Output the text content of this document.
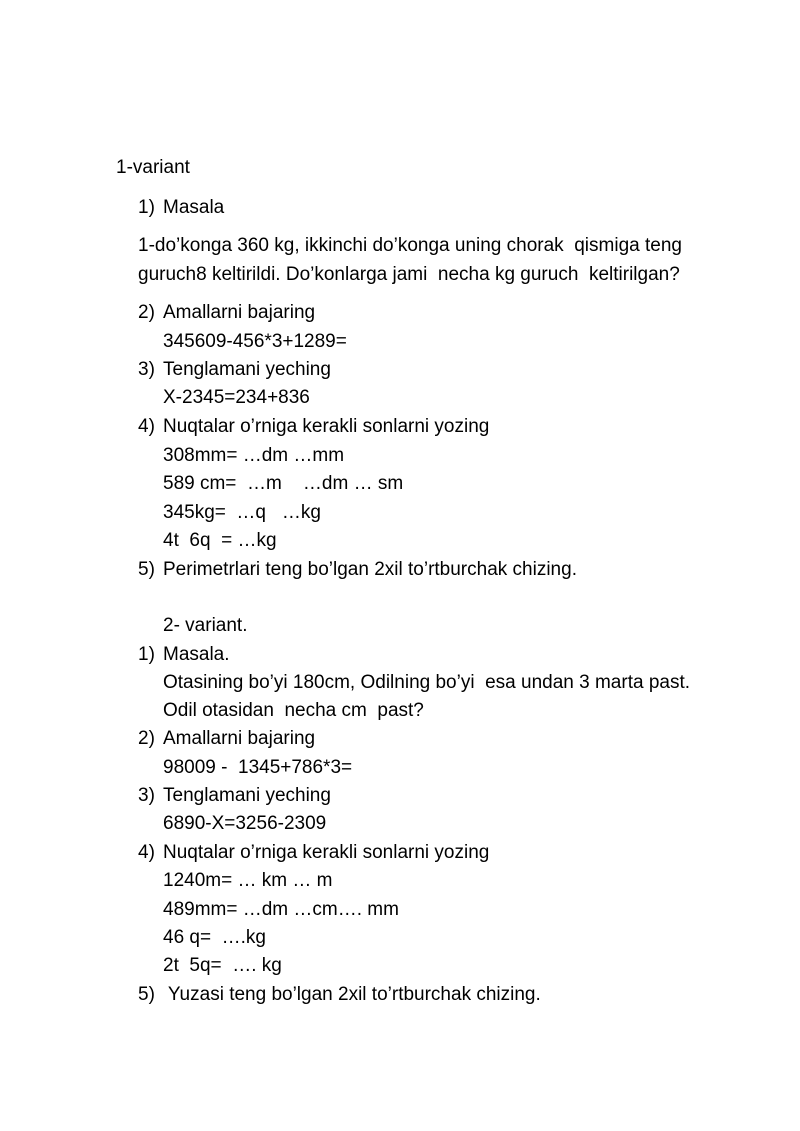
1-variant
1) Masala
1-do’konga 360 kg, ikkinchi do’konga uning chorak  qismiga teng
guruch8 keltirildi. Do’konlarga jami  necha kg guruch  keltirilgan?
2) Amallarni bajaring
345609-456*3+1289=
3) Tenglamani yeching
X-2345=234+836
4) Nuqtalar o’rniga kerakli sonlarni yozing
308mm= …dm …mm
589 cm=  …m    …dm … sm
345kg=  …q   …kg
4t  6q  = …kg
5) Perimetrlari teng bo’lgan 2xil to’rtburchak chizing.
2- variant.
1) Masala.
Otasining bo’yi 180cm, Odilning bo’yi  esa undan 3 marta past.
Odil otasidan  necha cm  past?
2) Amallarni bajaring
98009 -  1345+786*3=
3) Tenglamani yeching
6890-X=3256-2309
4) Nuqtalar o’rniga kerakli sonlarni yozing
1240m= … km … m
489mm= …dm …cm…. mm
46 q=  ….kg
2t  5q=  …. kg
5) Yuzasi teng bo’lgan 2xil to’rtburchak chizing.
